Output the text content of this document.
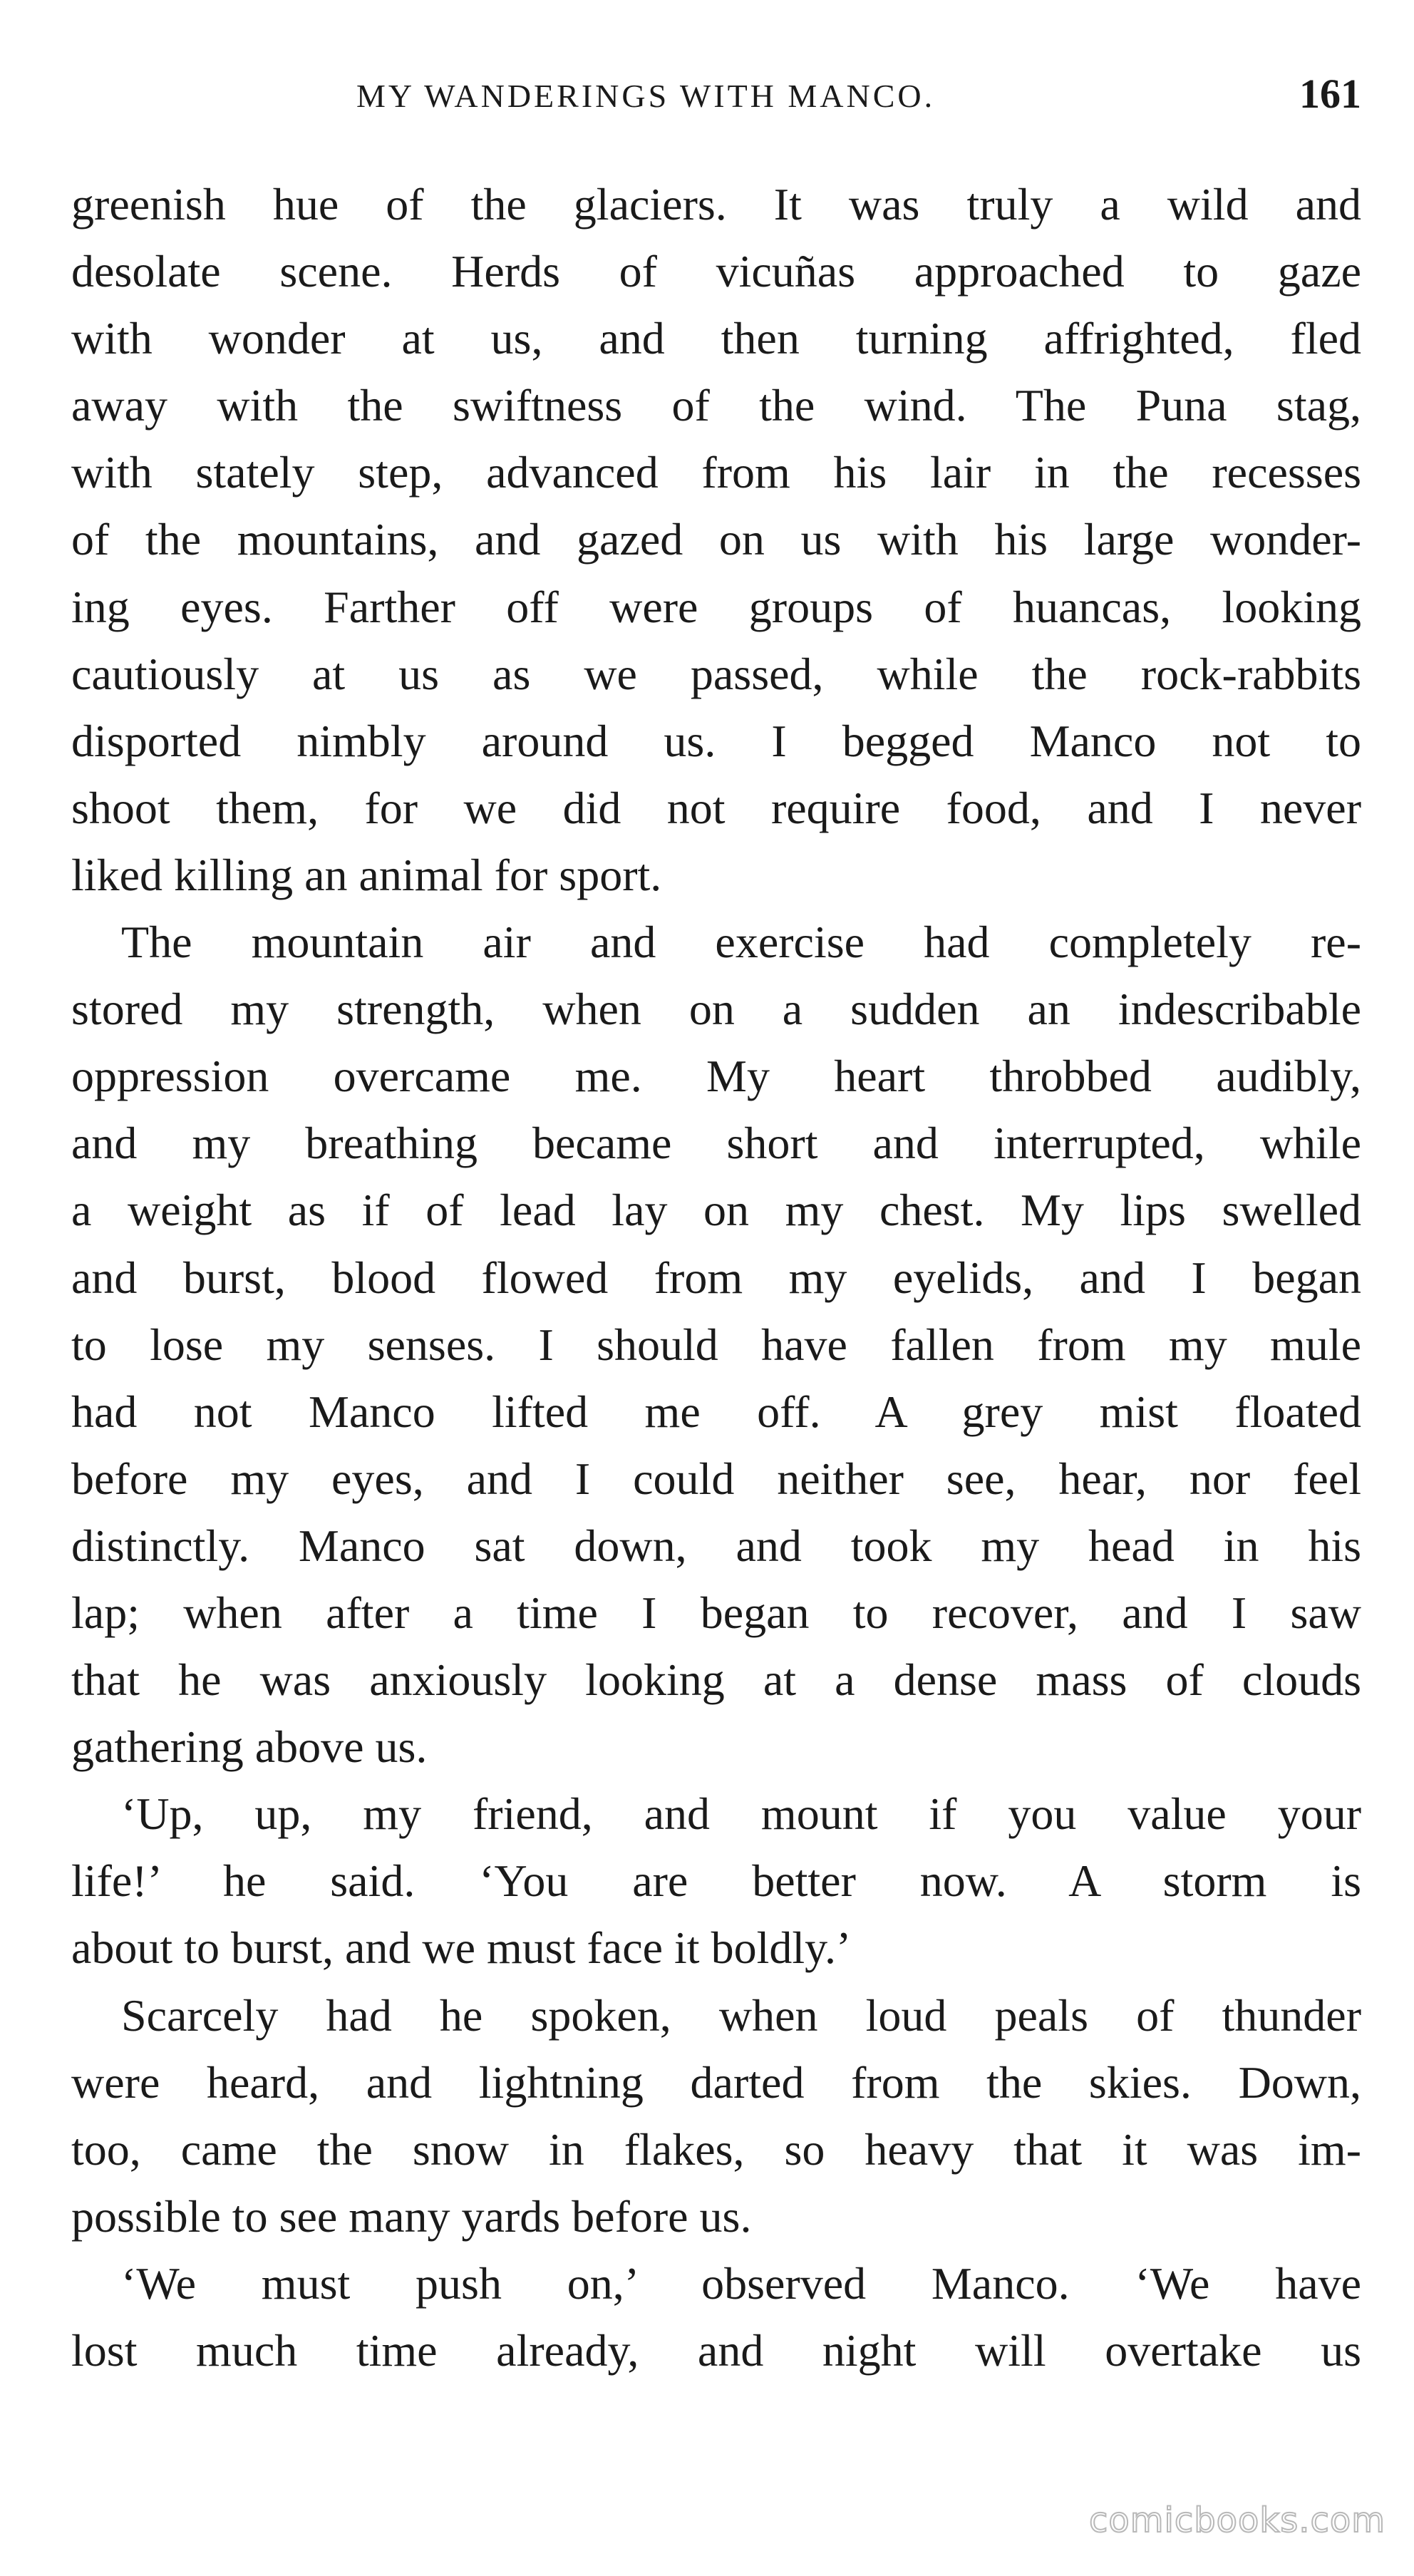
MY WANDERINGS WITH MANCO.	161
greenish hue of the glaciers. It was truly a wild and
desolate scene. Herds of vicuñas approached to gaze
with wonder at us, and then turning affrighted, fled
away with the swiftness of the wind. The Puna stag,
with stately step, advanced from his lair in the recesses
of the mountains, and gazed on us with his large wonder-
ing eyes. Farther off were groups of huancas, looking
cautiously at us as we passed, while the rock-rabbits
disported nimbly around us. I begged Manco not to
shoot them, for we did not require food, and I never
liked killing an animal for sport.
The mountain air and exercise had completely re-
stored my strength, when on a sudden an indescribable
oppression overcame me. My heart throbbed audibly,
and my breathing became short and interrupted, while
a weight as if of lead lay on my chest. My lips swelled
and burst, blood flowed from my eyelids, and I began
to lose my senses. I should have fallen from my mule
had not Manco lifted me off. A grey mist floated
before my eyes, and I could neither see, hear, nor feel
distinctly. Manco sat down, and took my head in his
lap; when after a time I began to recover, and I saw
that he was anxiously looking at a dense mass of clouds
gathering above us.
‘Up, up, my friend, and mount if you value your
life!’ he said. ‘You are better now. A storm is
about to burst, and we must face it boldly.’
Scarcely had he spoken, when loud peals of thunder
were heard, and lightning darted from the skies. Down,
too, came the snow in flakes, so heavy that it was im-
possible to see many yards before us.
‘We must push on,’ observed Manco. ‘We have
lost much time already, and night will overtake us
comicbooks.com
